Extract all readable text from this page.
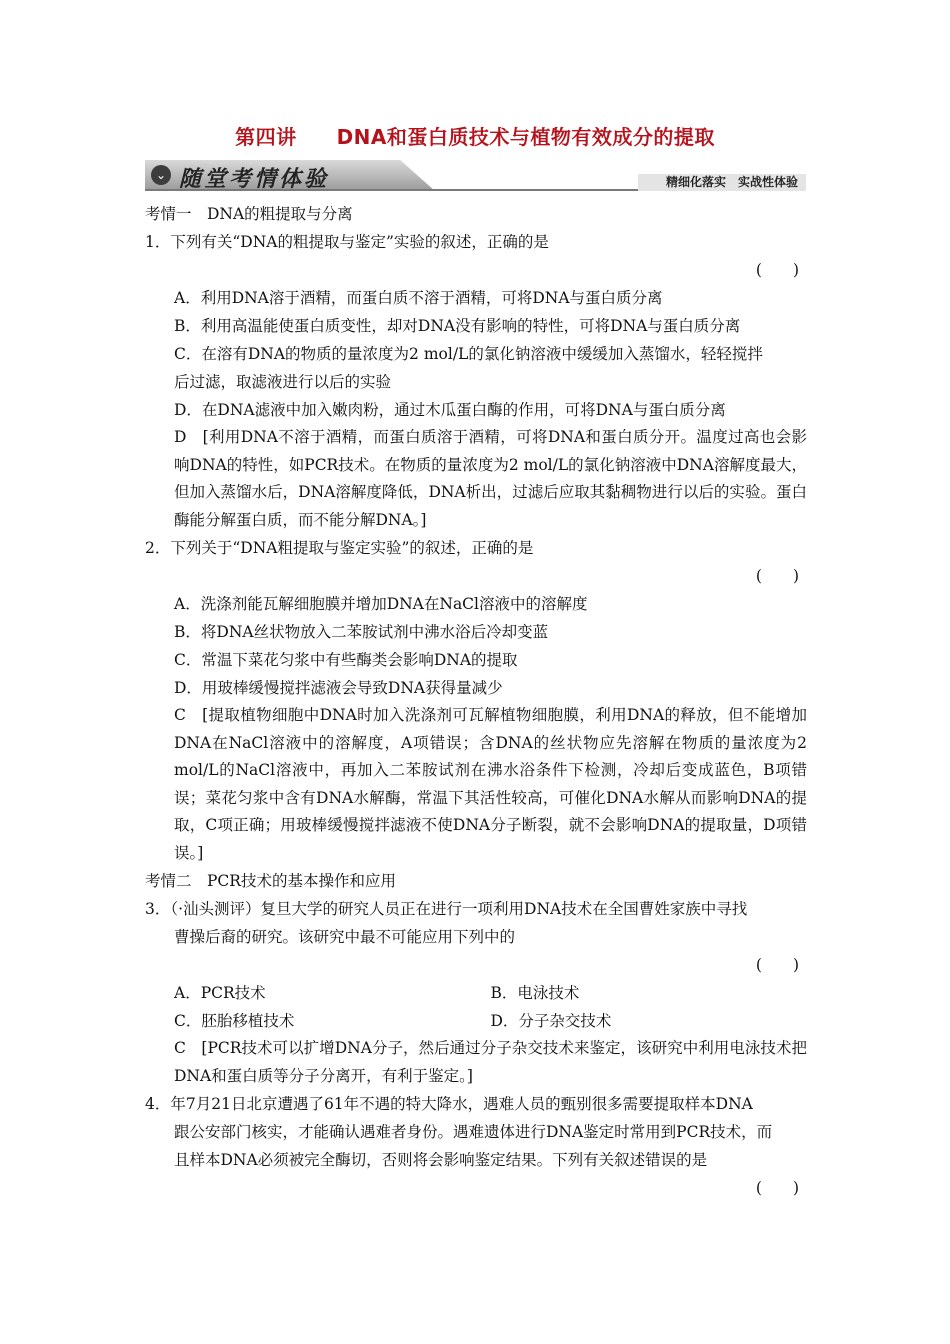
第四讲 DNA和蛋白质技术与植物有效成分的提取
⌄ 随堂考情体验	精细化落实　实战性体验
考情一　DNA的粗提取与分离
1．下列有关“DNA的粗提取与鉴定”实验的叙述，正确的是
(　　)
A．利用DNA溶于酒精，而蛋白质不溶于酒精，可将DNA与蛋白质分离
B．利用高温能使蛋白质变性，却对DNA没有影响的特性，可将DNA与蛋白质分离
C．在溶有DNA的物质的量浓度为2 mol/L的氯化钠溶液中缓缓加入蒸馏水，轻轻搅拌
后过滤，取滤液进行以后的实验
D．在DNA滤液中加入嫩肉粉，通过木瓜蛋白酶的作用，可将DNA与蛋白质分离
D　[利用DNA不溶于酒精，而蛋白质溶于酒精，可将DNA和蛋白质分开。温度过高也会影响DNA的特性，如PCR技术。在物质的量浓度为2 mol/L的氯化钠溶液中DNA溶解度最大，但加入蒸馏水后，DNA溶解度降低，DNA析出，过滤后应取其黏稠物进行以后的实验。蛋白酶能分解蛋白质，而不能分解DNA。]
2．下列关于“DNA粗提取与鉴定实验”的叙述，正确的是
(　　)
A．洗涤剂能瓦解细胞膜并增加DNA在NaCl溶液中的溶解度
B．将DNA丝状物放入二苯胺试剂中沸水浴后冷却变蓝
C．常温下菜花匀浆中有些酶类会影响DNA的提取
D．用玻棒缓慢搅拌滤液会导致DNA获得量减少
C　[提取植物细胞中DNA时加入洗涤剂可瓦解植物细胞膜，利用DNA的释放，但不能增加DNA在NaCl溶液中的溶解度，A项错误；含DNA的丝状物应先溶解在物质的量浓度为2 mol/L的NaCl溶液中，再加入二苯胺试剂在沸水浴条件下检测，冷却后变成蓝色，B项错误；菜花匀浆中含有DNA水解酶，常温下其活性较高，可催化DNA水解从而影响DNA的提取，C项正确；用玻棒缓慢搅拌滤液不使DNA分子断裂，就不会影响DNA的提取量，D项错误。]
考情二　PCR技术的基本操作和应用
3．（·汕头测评）复旦大学的研究人员正在进行一项利用DNA技术在全国曹姓家族中寻找
曹操后裔的研究。该研究中最不可能应用下列中的
(　　)
A．PCR技术	B．电泳技术
C．胚胎移植技术	D．分子杂交技术
C　[PCR技术可以扩增DNA分子，然后通过分子杂交技术来鉴定，该研究中利用电泳技术把DNA和蛋白质等分子分离开，有利于鉴定。]
4．年7月21日北京遭遇了61年不遇的特大降水，遇难人员的甄别很多需要提取样本DNA
跟公安部门核实，才能确认遇难者身份。遇难遗体进行DNA鉴定时常用到PCR技术，而
且样本DNA必须被完全酶切，否则将会影响鉴定结果。下列有关叙述错误的是
(　　)
